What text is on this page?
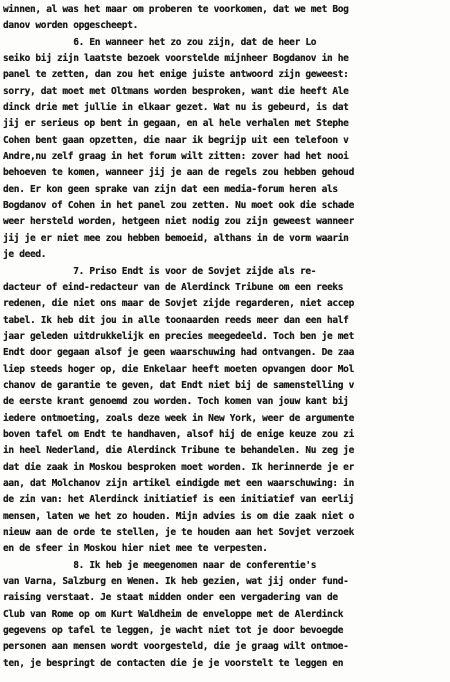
winnen, al was het maar om proberen te voorkomen, dat we met Bog
danov worden opgescheept.
6. En wanneer het zo zou zijn, dat de heer Lo
seiko bij zijn laatste bezoek voorstelde mijnheer Bogdanov in he
panel te zetten, dan zou het enige juiste antwoord zijn geweest:
sorry, dat moet met Oltmans worden besproken, want die heeft Ale
dinck drie met jullie in elkaar gezet. Wat nu is gebeurd, is dat
jij er serieus op bent in gegaan, en al hele verhalen met Stephe
Cohen bent gaan opzetten, die naar ik begrijp uit een telefoon v
Andre,nu zelf graag in het forum wilt zitten: zover had het nooi
behoeven te komen, wanneer jij je aan de regels zou hebben gehoud
den. Er kon geen sprake van zijn dat een media-forum heren als
Bogdanov of Cohen in het panel zou zetten. Nu moet ook die schade
weer hersteld worden, hetgeen niet nodig zou zijn geweest wanneer
jij je er niet mee zou hebben bemoeid, althans in de vorm waarin
je deed.
7. Priso Endt is voor de Sovjet zijde als re-
dacteur of eind-redacteur van de Alerdinck Tribune om een reeks
redenen, die niet ons maar de Sovjet zijde regarderen, niet accep
tabel. Ik heb dit jou in alle toonaarden reeds meer dan een half
jaar geleden uitdrukkelijk en precies meegedeeld. Toch ben je met
Endt door gegaan alsof je geen waarschuwing had ontvangen. De zaa
liep steeds hoger op, die Enkelaar heeft moeten opvangen door Mol
chanov de garantie te geven, dat Endt niet bij de samenstelling v
de eerste krant genoemd zou worden. Toch komen van jouw kant bij
iedere ontmoeting, zoals deze week in New York, weer de argumente
boven tafel om Endt te handhaven, alsof hij de enige keuze zou zi
in heel Nederland, die Alerdinck Tribune te behandelen. Nu zeg je
dat die zaak in Moskou besproken moet worden. Ik herinnerde je er
aan, dat Molchanov zijn artikel eindigde met een waarschuwing: in
de zin van: het Alerdinck initiatief is een initiatief van eerlij
mensen, laten we het zo houden. Mijn advies is om die zaak niet o
nieuw aan de orde te stellen, je te houden aan het Sovjet verzoek
en de sfeer in Moskou hier niet mee te verpesten.
8. Ik heb je meegenomen naar de conferentie's
van Varna, Salzburg en Wenen. Ik heb gezien, wat jij onder fund-
raising verstaat. Je staat midden onder een vergadering van de
Club van Rome op om Kurt Waldheim de enveloppe met de Alerdinck
gegevens op tafel te leggen, je wacht niet tot je door bevoegde
personen aan mensen wordt voorgesteld, die je graag wilt ontmoe-
ten, je bespringt de contacten die je je voorstelt te leggen en
